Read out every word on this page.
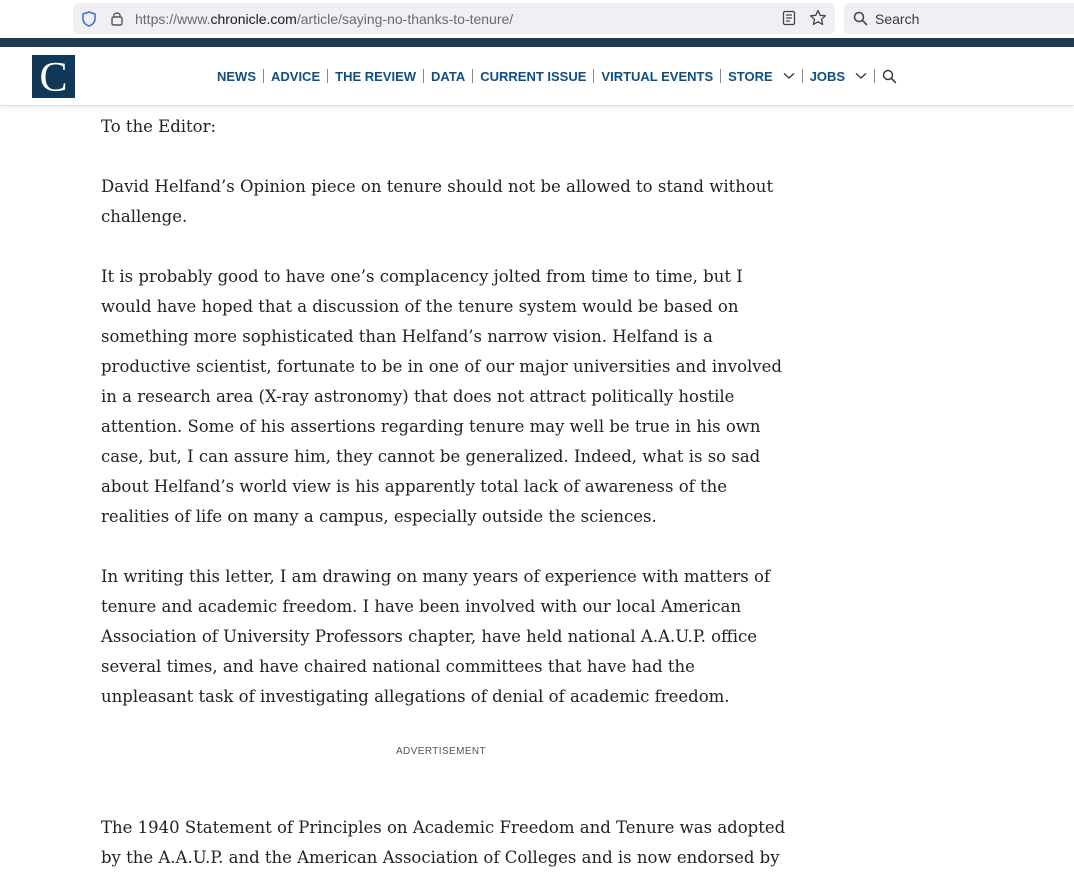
https://www.chronicle.com/article/saying-no-thanks-to-tenure/	Search
C	NEWS	ADVICE	THE REVIEW	DATA	CURRENT ISSUE	VIRTUAL EVENTS	STORE	JOBS

To the Editor:

David Helfand’s Opinion piece on tenure should not be allowed to stand without challenge.

It is probably good to have one’s complacency jolted from time to time, but I would have hoped that a discussion of the tenure system would be based on something more sophisticated than Helfand’s narrow vision. Helfand is a productive scientist, fortunate to be in one of our major universities and involved in a research area (X-ray astronomy) that does not attract politically hostile attention. Some of his assertions regarding tenure may well be true in his own case, but, I can assure him, they cannot be generalized. Indeed, what is so sad about Helfand’s world view is his apparently total lack of awareness of the realities of life on many a campus, especially outside the sciences.

In writing this letter, I am drawing on many years of experience with matters of tenure and academic freedom. I have been involved with our local American Association of University Professors chapter, have held national A.A.U.P. office several times, and have chaired national committees that have had the unpleasant task of investigating allegations of denial of academic freedom.

ADVERTISEMENT

The 1940 Statement of Principles on Academic Freedom and Tenure was adopted by the A.A.U.P. and the American Association of Colleges and is now endorsed by
